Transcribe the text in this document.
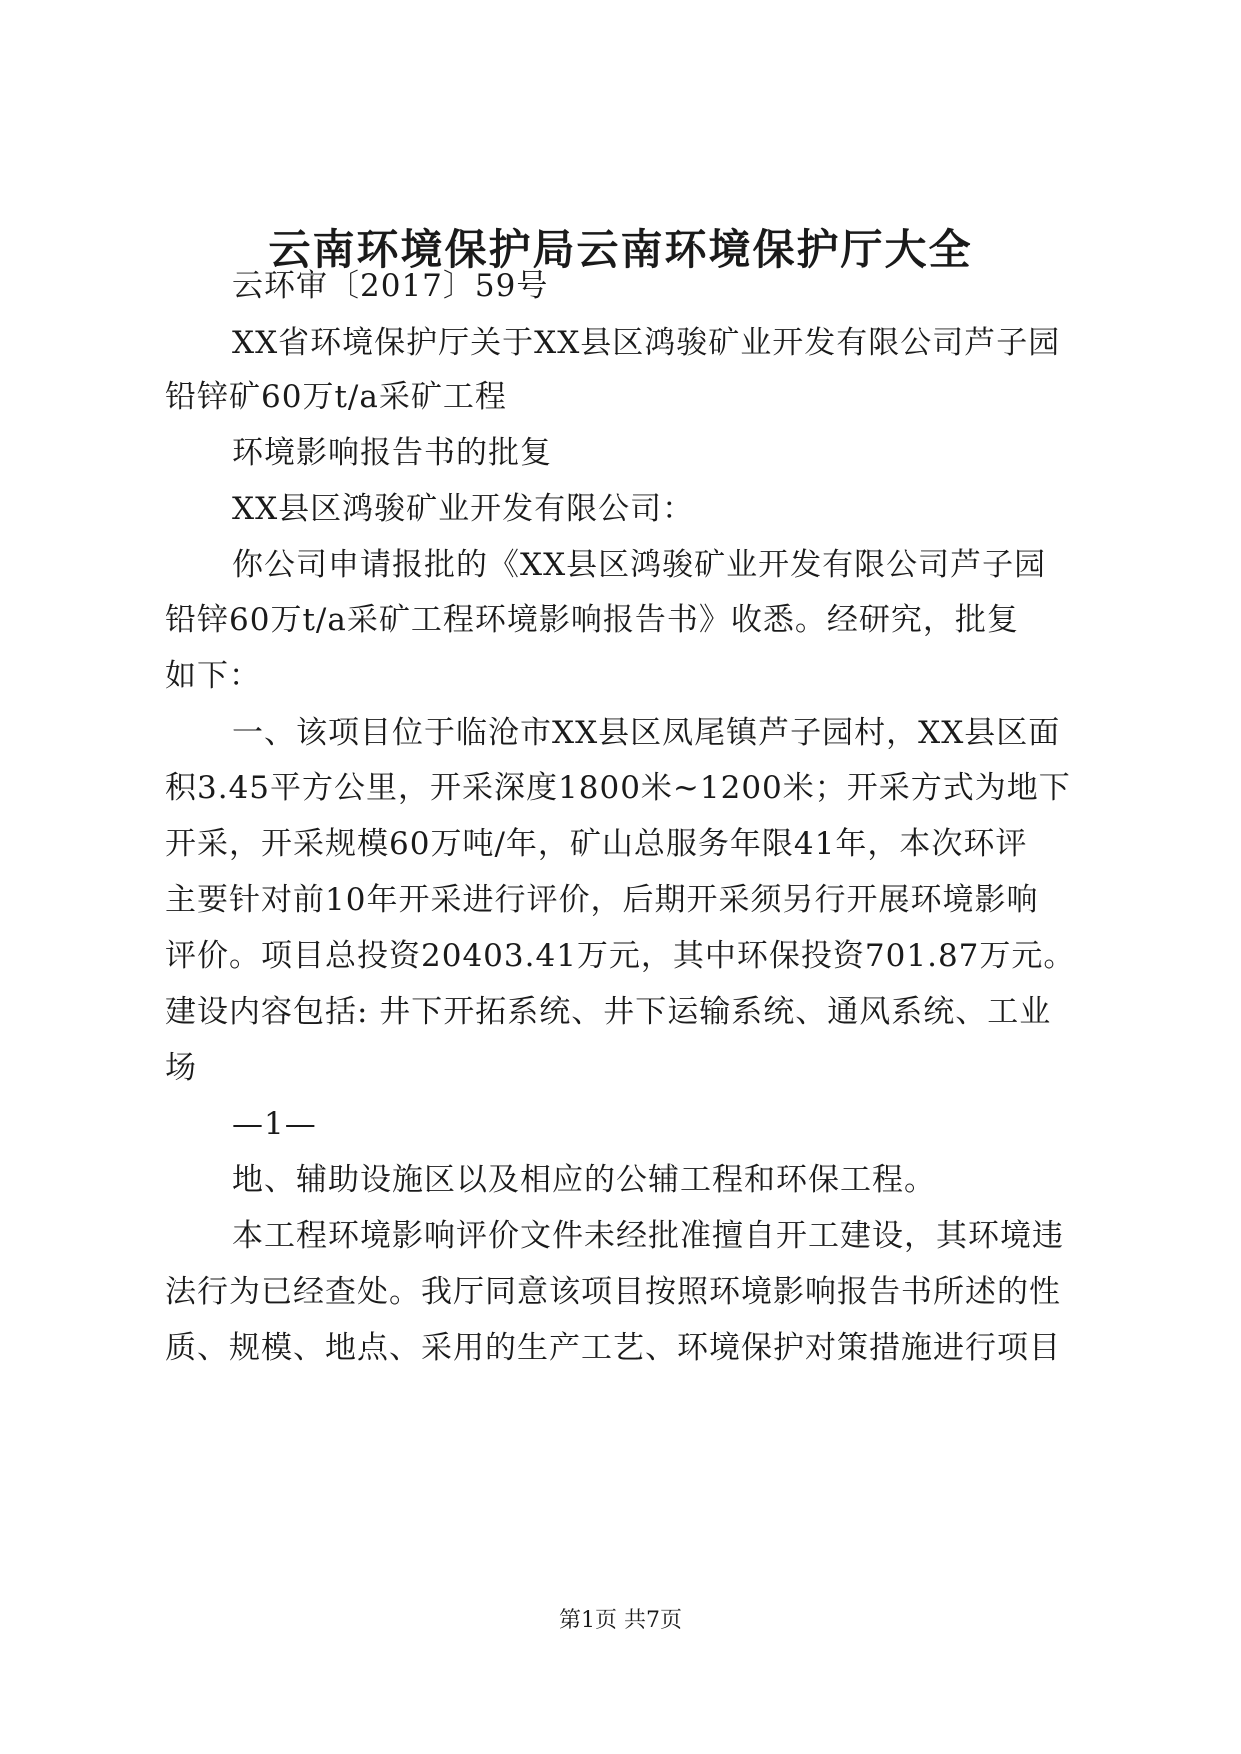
云南环境保护局云南环境保护厅大全
云环审〔2017〕59号
XX省环境保护厅关于XX县区鸿骏矿业开发有限公司芦子园
铅锌矿60万t/a采矿工程
环境影响报告书的批复
XX县区鸿骏矿业开发有限公司：
你公司申请报批的《XX县区鸿骏矿业开发有限公司芦子园
铅锌60万t/a采矿工程环境影响报告书》收悉。经研究，批复
如下：
一、该项目位于临沧市XX县区凤尾镇芦子园村，XX县区面
积3.45平方公里，开采深度1800米~1200米；开采方式为地下
开采，开采规模60万吨/年，矿山总服务年限41年，本次环评
主要针对前10年开采进行评价，后期开采须另行开展环境影响
评价。项目总投资20403.41万元，其中环保投资701.87万元。
建设内容包括: 井下开拓系统、井下运输系统、通风系统、工业
场
—1—
地、辅助设施区以及相应的公辅工程和环保工程。
本工程环境影响评价文件未经批准擅自开工建设，其环境违
法行为已经查处。我厅同意该项目按照环境影响报告书所述的性
质、规模、地点、采用的生产工艺、环境保护对策措施进行项目
第1页 共7页
